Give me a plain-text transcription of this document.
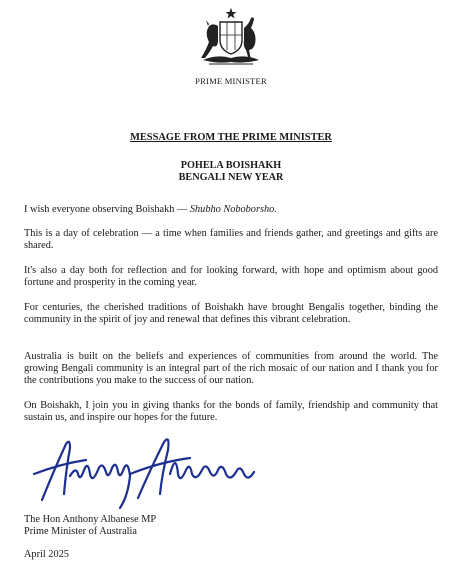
PRIME MINISTER
MESSAGE FROM THE PRIME MINISTER
POHELA BOISHAKH
BENGALI NEW YEAR
I wish everyone observing Boishakh — Shubho Noboborsho.
This is a day of celebration — a time when families and friends gather, and greetings and gifts are shared.
It's also a day both for reflection and for looking forward, with hope and optimism about good fortune and prosperity in the coming year.
For centuries, the cherished traditions of Boishakh have brought Bengalis together, binding the community in the spirit of joy and renewal that defines this vibrant celebration.
Australia is built on the beliefs and experiences of communities from around the world. The growing Bengali community is an integral part of the rich mosaic of our nation and I thank you for the contributions you make to the success of our nation.
On Boishakh, I join you in giving thanks for the bonds of family, friendship and community that sustain us, and inspire our hopes for the future.
The Hon Anthony Albanese MP
Prime Minister of Australia
April 2025
